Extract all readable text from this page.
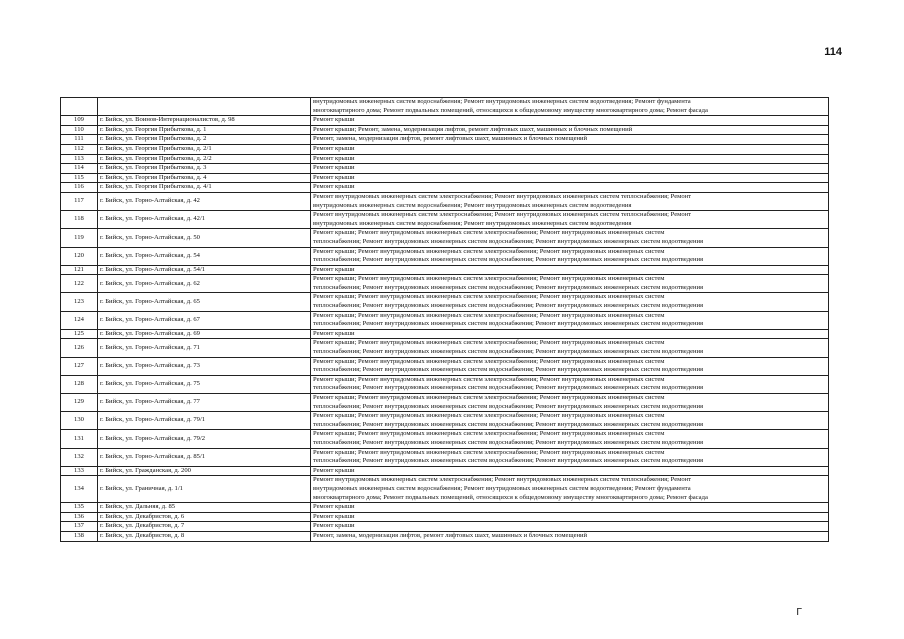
114
		внутридомовых инженерных систем водоснабжения; Ремонт внутридомовых инженерных систем водоотведения; Ремонт фундамента
многоквартирного дома; Ремонт подвальных помещений, относящихся к общедомовому имуществу многоквартирного дома; Ремонт фасада
109	г. Бийск, ул. Воинов-Интернационалистов, д. 98	Ремонт крыши
110	г. Бийск, ул. Георгия Прибыткова, д. 1	Ремонт крыши; Ремонт, замена, модернизация лифтов, ремонт лифтовых шахт, машинных и блочных помещений
111	г. Бийск, ул. Георгия Прибыткова, д. 2	Ремонт, замена, модернизация лифтов, ремонт лифтовых шахт, машинных и блочных помещений
112	г. Бийск, ул. Георгия Прибыткова, д. 2/1	Ремонт крыши
113	г. Бийск, ул. Георгия Прибыткова, д. 2/2	Ремонт крыши
114	г. Бийск, ул. Георгия Прибыткова, д. 3	Ремонт крыши
115	г. Бийск, ул. Георгия Прибыткова, д. 4	Ремонт крыши
116	г. Бийск, ул. Георгия Прибыткова, д. 4/1	Ремонт крыши
117	г. Бийск, ул. Горно-Алтайская, д. 42	Ремонт внутридомовых инженерных систем электроснабжения; Ремонт внутридомовых инженерных систем теплоснабжения; Ремонт
внутридомовых инженерных систем водоснабжения; Ремонт внутридомовых инженерных систем водоотведения
118	г. Бийск, ул. Горно-Алтайская, д. 42/1	Ремонт внутридомовых инженерных систем электроснабжения; Ремонт внутридомовых инженерных систем теплоснабжения; Ремонт
внутридомовых инженерных систем водоснабжения; Ремонт внутридомовых инженерных систем водоотведения
119	г. Бийск, ул. Горно-Алтайская, д. 50	Ремонт крыши; Ремонт внутридомовых инженерных систем электроснабжения; Ремонт внутридомовых инженерных систем
теплоснабжения; Ремонт внутридомовых инженерных систем водоснабжения; Ремонт внутридомовых инженерных систем водоотведения
120	г. Бийск, ул. Горно-Алтайская, д. 54	Ремонт крыши; Ремонт внутридомовых инженерных систем электроснабжения; Ремонт внутридомовых инженерных систем
теплоснабжения; Ремонт внутридомовых инженерных систем водоснабжения; Ремонт внутридомовых инженерных систем водоотведения
121	г. Бийск, ул. Горно-Алтайская, д. 54/1	Ремонт крыши
122	г. Бийск, ул. Горно-Алтайская, д. 62	Ремонт крыши; Ремонт внутридомовых инженерных систем электроснабжения; Ремонт внутридомовых инженерных систем
теплоснабжения; Ремонт внутридомовых инженерных систем водоснабжения; Ремонт внутридомовых инженерных систем водоотведения
123	г. Бийск, ул. Горно-Алтайская, д. 65	Ремонт крыши; Ремонт внутридомовых инженерных систем электроснабжения; Ремонт внутридомовых инженерных систем
теплоснабжения; Ремонт внутридомовых инженерных систем водоснабжения; Ремонт внутридомовых инженерных систем водоотведения
124	г. Бийск, ул. Горно-Алтайская, д. 67	Ремонт крыши; Ремонт внутридомовых инженерных систем электроснабжения; Ремонт внутридомовых инженерных систем
теплоснабжения; Ремонт внутридомовых инженерных систем водоснабжения; Ремонт внутридомовых инженерных систем водоотведения
125	г. Бийск, ул. Горно-Алтайская, д. 69	Ремонт крыши
126	г. Бийск, ул. Горно-Алтайская, д. 71	Ремонт крыши; Ремонт внутридомовых инженерных систем электроснабжения; Ремонт внутридомовых инженерных систем
теплоснабжения; Ремонт внутридомовых инженерных систем водоснабжения; Ремонт внутридомовых инженерных систем водоотведения
127	г. Бийск, ул. Горно-Алтайская, д. 73	Ремонт крыши; Ремонт внутридомовых инженерных систем электроснабжения; Ремонт внутридомовых инженерных систем
теплоснабжения; Ремонт внутридомовых инженерных систем водоснабжения; Ремонт внутридомовых инженерных систем водоотведения
128	г. Бийск, ул. Горно-Алтайская, д. 75	Ремонт крыши; Ремонт внутридомовых инженерных систем электроснабжения; Ремонт внутридомовых инженерных систем
теплоснабжения; Ремонт внутридомовых инженерных систем водоснабжения; Ремонт внутридомовых инженерных систем водоотведения
129	г. Бийск, ул. Горно-Алтайская, д. 77	Ремонт крыши; Ремонт внутридомовых инженерных систем электроснабжения; Ремонт внутридомовых инженерных систем
теплоснабжения; Ремонт внутридомовых инженерных систем водоснабжения; Ремонт внутридомовых инженерных систем водоотведения
130	г. Бийск, ул. Горно-Алтайская, д. 79/1	Ремонт крыши; Ремонт внутридомовых инженерных систем электроснабжения; Ремонт внутридомовых инженерных систем
теплоснабжения; Ремонт внутридомовых инженерных систем водоснабжения; Ремонт внутридомовых инженерных систем водоотведения
131	г. Бийск, ул. Горно-Алтайская, д. 79/2	Ремонт крыши; Ремонт внутридомовых инженерных систем электроснабжения; Ремонт внутридомовых инженерных систем
теплоснабжения; Ремонт внутридомовых инженерных систем водоснабжения; Ремонт внутридомовых инженерных систем водоотведения
132	г. Бийск, ул. Горно-Алтайская, д. 85/1	Ремонт крыши; Ремонт внутридомовых инженерных систем электроснабжения; Ремонт внутридомовых инженерных систем
теплоснабжения; Ремонт внутридомовых инженерных систем водоснабжения; Ремонт внутридомовых инженерных систем водоотведения
133	г. Бийск, ул. Гражданская, д. 200	Ремонт крыши
134	г. Бийск, ул. Граничная, д. 1/1	Ремонт внутридомовых инженерных систем электроснабжения; Ремонт внутридомовых инженерных систем теплоснабжения; Ремонт
внутридомовых инженерных систем водоснабжения; Ремонт внутридомовых инженерных систем водоотведения; Ремонт фундамента
многоквартирного дома; Ремонт подвальных помещений, относящихся к общедомовому имуществу многоквартирного дома; Ремонт фасада
135	г. Бийск, ул. Дальняя, д. 85	Ремонт крыши
136	г. Бийск, ул. Декабристов, д. 6	Ремонт крыши
137	г. Бийск, ул. Декабристов, д. 7	Ремонт крыши
138	г. Бийск, ул. Декабристов, д. 8	Ремонт, замена, модернизация лифтов, ремонт лифтовых шахт, машинных и блочных помещений
г
